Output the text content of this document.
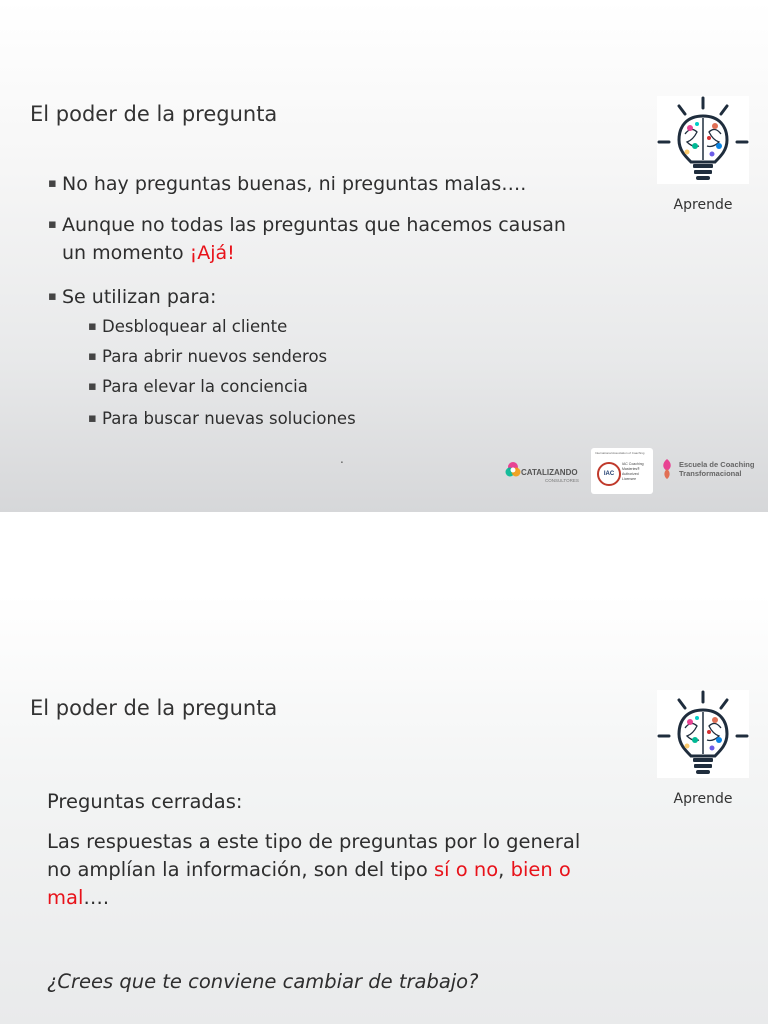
El poder de la pregunta
Aprende
▪ No hay preguntas buenas, ni preguntas malas….
▪ Aunque no todas las preguntas que hacemos causan
un momento ¡Ajá!
▪ Se utilizan para:
▪ Desbloquear al cliente
▪ Para abrir nuevos senderos
▪ Para elevar la conciencia
▪ Para buscar nuevas soluciones
.
CATALIZANDO
CONSULTORES
International Association of Coaching
IAC
IAC Coaching
Masteries®
Authorized
Licensee
Escuela de Coaching
Transformacional
El poder de la pregunta
Aprende
Preguntas cerradas:
Las respuestas a este tipo de preguntas por lo general
no amplían la información, son del tipo sí o no, bien o
mal….
¿Crees que te conviene cambiar de trabajo?
